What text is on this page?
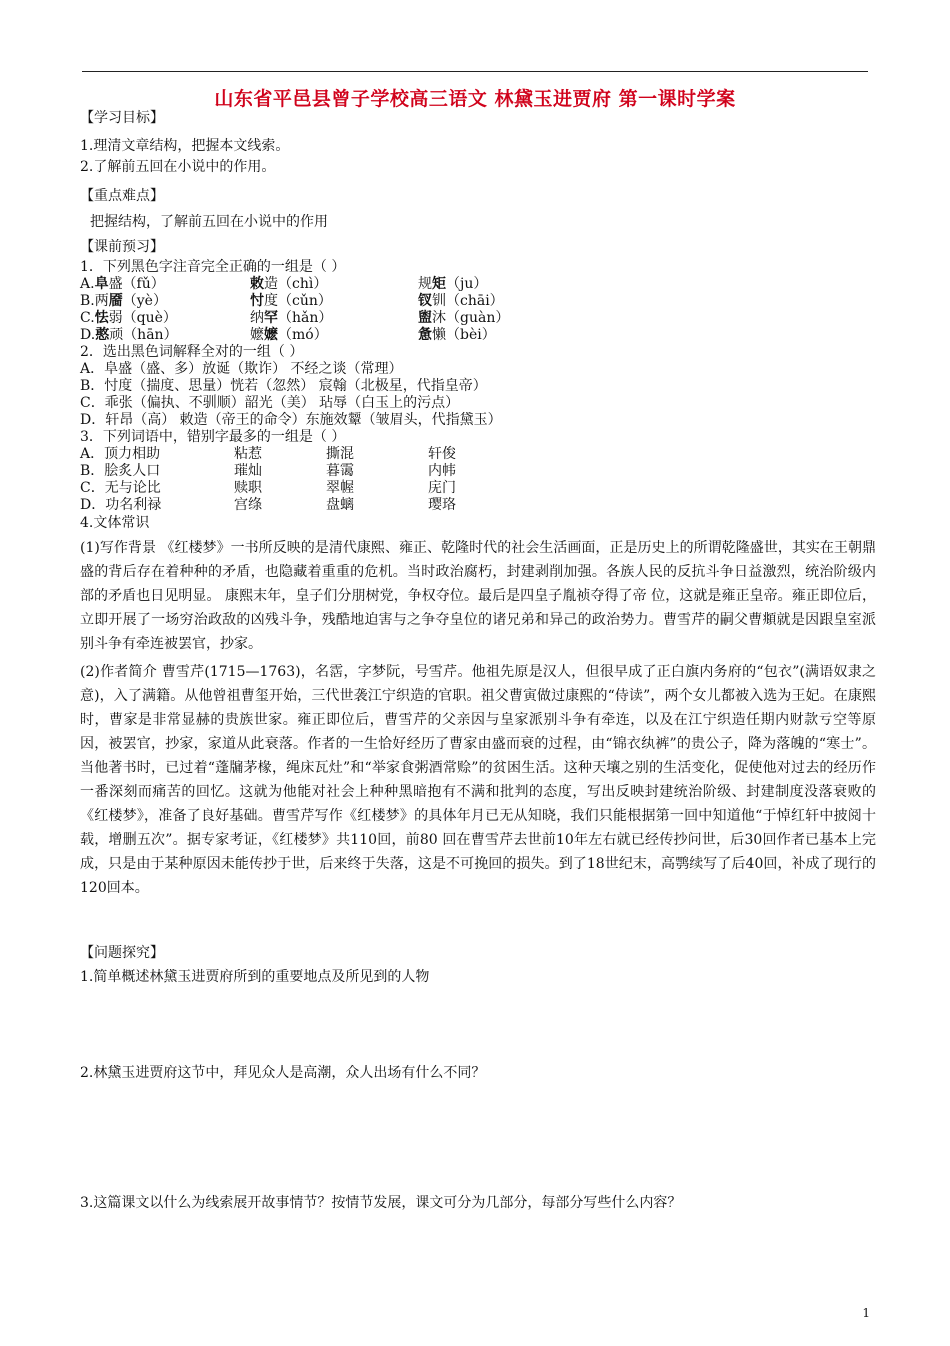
山东省平邑县曾子学校高三语文 林黛玉进贾府 第一课时学案
【学习目标】
1.理清文章结构，把握本文线索。
2.了解前五回在小说中的作用。
【重点难点】
把握结构，了解前五回在小说中的作用
【课前预习】
1．下列黑色字注音完全正确的一组是（ ）
A.阜盛（fǔ）	敕造（chì）	规矩（ju）
B.两靥（yè）	忖度（cǔn）	钗钏（chāi）
C.怯弱（què）	纳罕（hǎn）	盥沐（guàn）
D.憨顽（hān）	嬷嬷（mó）	惫懒（bèi）
2．选出黑色词解释全对的一组（ ）
A．阜盛（盛、多）放诞（欺诈） 不经之谈（常理）
B．忖度（揣度、思量）恍若（忽然） 宸翰（北极星，代指皇帝）
C．乖张（偏执、不驯顺）韶光（美） 玷辱（白玉上的污点）
D．轩昂（高） 敕造（帝王的命令）东施效颦（皱眉头，代指黛玉）
3．下列词语中，错别字最多的一组是（ ）
A．顶力相助	粘惹	撕混	轩俊
B．脍炙人口	璀灿	暮霭	内帏
C．无与论比	赎职	翠幄	庑门
D．功名利禄	宫绦	盘螭	璎珞
4.文体常识
(1)写作背景 《红楼梦》一书所反映的是清代康熙、雍正、乾隆时代的社会生活画面，正是历史上的所谓乾隆盛世，其实在王朝鼎盛的背后存在着种种的矛盾，也隐藏着重重的危机。当时政治腐朽，封建剥削加强。各族人民的反抗斗争日益激烈，统治阶级内部的矛盾也日见明显。 康熙末年，皇子们分朋树党，争权夺位。最后是四皇子胤祯夺得了帝 位，这就是雍正皇帝。雍正即位后，立即开展了一场穷治政敌的凶残斗争，残酷地迫害与之争夺皇位的诸兄弟和异己的政治势力。曹雪芹的嗣父曹頫就是因跟皇室派别斗争有牵连被罢官，抄家。
(2)作者简介 曹雪芹(1715—1763)，名霑，字梦阮，号雪芹。他祖先原是汉人，但很早成了正白旗内务府的“包衣”(满语奴隶之意)，入了满籍。从他曾祖曹玺开始，三代世袭江宁织造的官职。祖父曹寅做过康熙的“侍读”，两个女儿都被入选为王妃。在康熙时，曹家是非常显赫的贵族世家。雍正即位后，曹雪芹的父亲因与皇家派别斗争有牵连，以及在江宁织造任期内财款亏空等原因，被罢官，抄家，家道从此衰落。作者的一生恰好经历了曹家由盛而衰的过程，由“锦衣纨裤”的贵公子，降为落魄的“寒士”。当他著书时，已过着“蓬牖茅椽，绳床瓦灶”和“举家食粥酒常赊”的贫困生活。这种天壤之别的生活变化，促使他对过去的经历作一番深刻而痛苦的回忆。这就为他能对社会上种种黑暗抱有不满和批判的态度，写出反映封建统治阶级、封建制度没落衰败的《红楼梦》，准备了良好基础。曹雪芹写作《红楼梦》的具体年月已无从知晓，我们只能根据第一回中知道他“于悼红轩中披阅十载，增删五次”。据专家考证，《红楼梦》共110回，前80 回在曹雪芹去世前10年左右就已经传抄问世，后30回作者已基本上完成，只是由于某种原因未能传抄于世，后来终于失落，这是不可挽回的损失。到了18世纪末，高鹗续写了后40回，补成了现行的120回本。
【问题探究】
1.简单概述林黛玉进贾府所到的重要地点及所见到的人物
2.林黛玉进贾府这节中，拜见众人是高潮，众人出场有什么不同？
3.这篇课文以什么为线索展开故事情节？按情节发展，课文可分为几部分，每部分写些什么内容？
1
